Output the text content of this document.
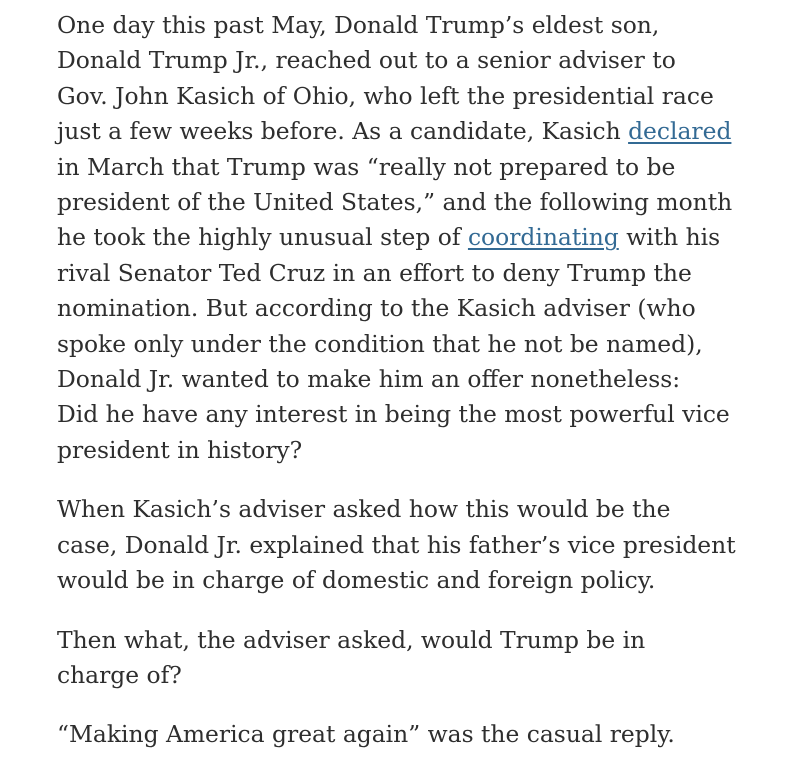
One day this past May, Donald Trump’s eldest son,
Donald Trump Jr., reached out to a senior adviser to
Gov. John Kasich of Ohio, who left the presidential race
just a few weeks before. As a candidate, Kasich declared
in March that Trump was “really not prepared to be
president of the United States,” and the following month
he took the highly unusual step of coordinating with his
rival Senator Ted Cruz in an effort to deny Trump the
nomination. But according to the Kasich adviser (who
spoke only under the condition that he not be named),
Donald Jr. wanted to make him an offer nonetheless:
Did he have any interest in being the most powerful vice
president in history?

When Kasich’s adviser asked how this would be the
case, Donald Jr. explained that his father’s vice president
would be in charge of domestic and foreign policy.

Then what, the adviser asked, would Trump be in
charge of?

“Making America great again” was the casual reply.
